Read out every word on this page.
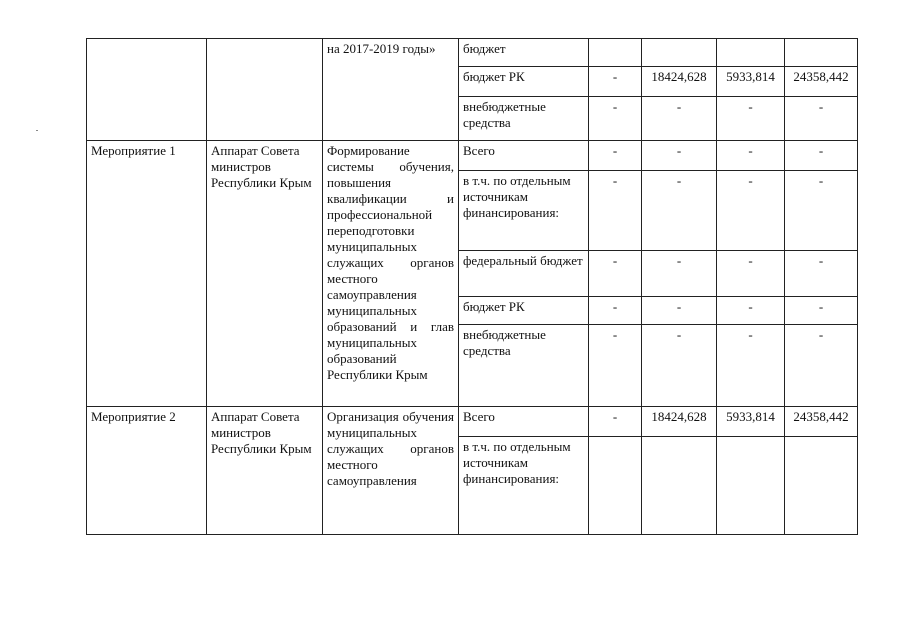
		на 2017-2019 годы»	бюджет				
			бюджет РК	-	18424,628	5933,814	24358,442
			внебюджетные средства	-	-	-	-
Мероприятие 1	Аппарат Совета министров Республики Крым	Формирование системы обучения, повышения квалификации и профессиональной переподготовки муниципальных служащих органов местного самоуправления муниципальных образований и глав муниципальных образований Республики Крым	Всего	-	-	-	-
			в т.ч. по отдельным источникам финансирования:	-	-	-	-
			федеральный бюджет	-	-	-	-
			бюджет РК	-	-	-	-
			внебюджетные средства	-	-	-	-
Мероприятие 2	Аппарат Совета министров Республики Крым	Организация обучения муниципальных служащих органов местного самоуправления	Всего	-	18424,628	5933,814	24358,442
			в т.ч. по отдельным источникам финансирования:				
